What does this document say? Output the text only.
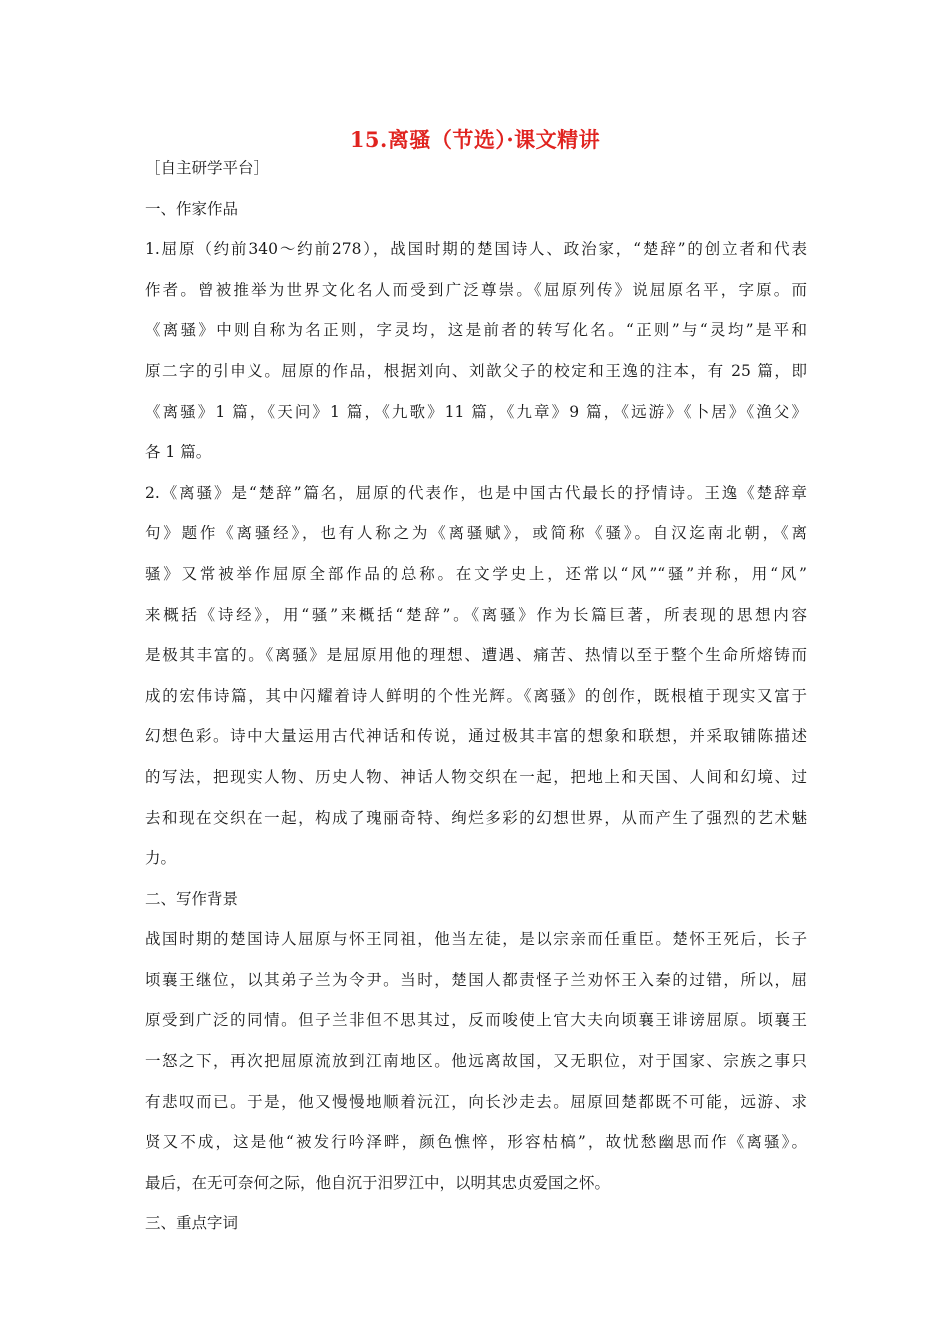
15.离骚（节选）·课文精讲
［自主研学平台］
一、作家作品
1.屈原（约前340～约前278），战国时期的楚国诗人、政治家，“楚辞”的创立者和代表
作者。曾被推举为世界文化名人而受到广泛尊崇。《屈原列传》说屈原名平，字原。而
《离骚》中则自称为名正则，字灵均，这是前者的转写化名。“正则”与“灵均”是平和
原二字的引申义。屈原的作品，根据刘向、刘歆父子的校定和王逸的注本，有 25 篇，即
《离骚》1 篇，《天问》1 篇，《九歌》11 篇，《九章》9 篇，《远游》《卜居》《渔父》
各 1 篇。
2.《离骚》是“楚辞”篇名，屈原的代表作，也是中国古代最长的抒情诗。王逸《楚辞章
句》题作《离骚经》，也有人称之为《离骚赋》，或简称《骚》。自汉迄南北朝，《离
骚》又常被举作屈原全部作品的总称。在文学史上，还常以“风”“骚”并称，用“风”
来概括《诗经》，用“骚”来概括“楚辞”。《离骚》作为长篇巨著，所表现的思想内容
是极其丰富的。《离骚》是屈原用他的理想、遭遇、痛苦、热情以至于整个生命所熔铸而
成的宏伟诗篇，其中闪耀着诗人鲜明的个性光辉。《离骚》的创作，既根植于现实又富于
幻想色彩。诗中大量运用古代神话和传说，通过极其丰富的想象和联想，并采取铺陈描述
的写法，把现实人物、历史人物、神话人物交织在一起，把地上和天国、人间和幻境、过
去和现在交织在一起，构成了瑰丽奇特、绚烂多彩的幻想世界，从而产生了强烈的艺术魅
力。
二、写作背景
战国时期的楚国诗人屈原与怀王同祖，他当左徒，是以宗亲而任重臣。楚怀王死后，长子
顷襄王继位，以其弟子兰为令尹。当时，楚国人都责怪子兰劝怀王入秦的过错，所以，屈
原受到广泛的同情。但子兰非但不思其过，反而唆使上官大夫向顷襄王诽谤屈原。顷襄王
一怒之下，再次把屈原流放到江南地区。他远离故国，又无职位，对于国家、宗族之事只
有悲叹而已。于是，他又慢慢地顺着沅江，向长沙走去。屈原回楚都既不可能，远游、求
贤又不成，这是他“被发行吟泽畔，颜色憔悴，形容枯槁”，故忧愁幽思而作《离骚》。
最后，在无可奈何之际，他自沉于汨罗江中，以明其忠贞爱国之怀。
三、重点字词
